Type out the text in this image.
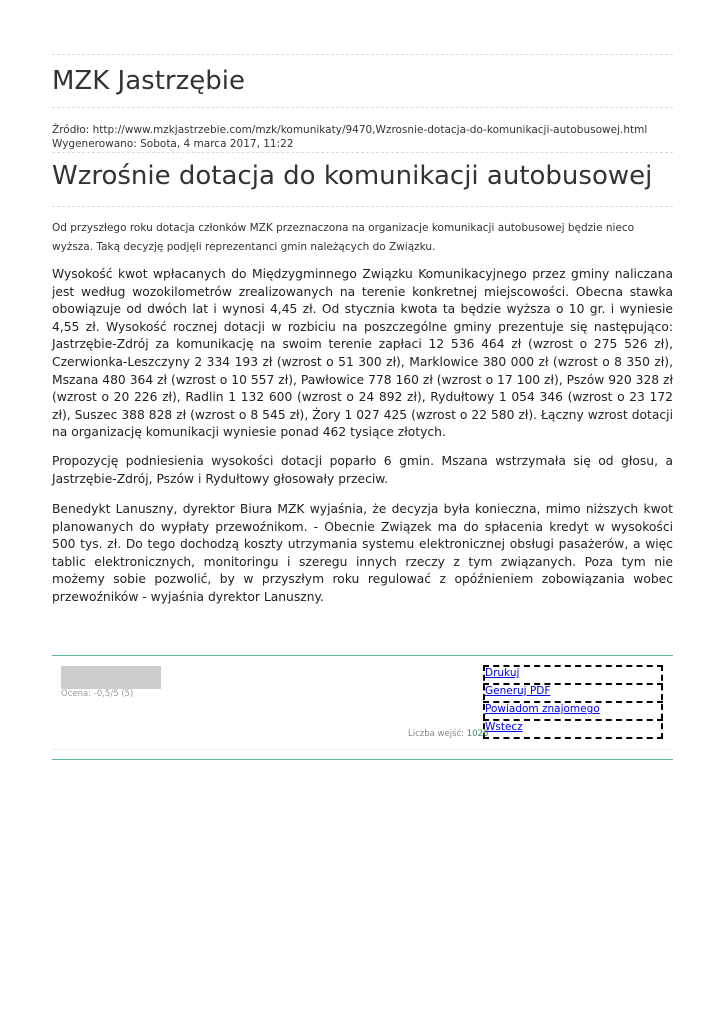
MZK Jastrzębie
Źródło: http://www.mzkjastrzebie.com/mzk/komunikaty/9470,Wzrosnie-dotacja-do-komunikacji-autobusowej.html
Wygenerowano: Sobota, 4 marca 2017, 11:22
Wzrośnie dotacja do komunikacji autobusowej

Od przyszłego roku dotacja członków MZK przeznaczona na organizacje komunikacji autobusowej będzie nieco wyższa. Taką decyzję podjęli reprezentanci gmin należących do Związku.

Wysokość kwot wpłacanych do Międzygminnego Związku Komunikacyjnego przez gminy naliczana jest według wozokilometrów zrealizowanych na terenie konkretnej miejscowości. Obecna stawka obowiązuje od dwóch lat i wynosi 4,45 zł. Od stycznia kwota ta będzie wyższa o 10 gr. i wyniesie 4,55 zł. Wysokość rocznej dotacji w rozbiciu na poszczególne gminy prezentuje się następująco: Jastrzębie-Zdrój za komunikację na swoim terenie zapłaci 12 536 464 zł (wzrost o 275 526 zł), Czerwionka-Leszczyny 2 334 193 zł (wzrost o 51 300 zł), Marklowice 380 000 zł (wzrost o 8 350 zł), Mszana 480 364 zł (wzrost o 10 557 zł), Pawłowice 778 160 zł (wzrost o 17 100 zł), Pszów 920 328 zł (wzrost o 20 226 zł), Radlin 1 132 600 (wzrost o 24 892 zł), Rydułtowy 1 054 346 (wzrost o 23 172 zł), Suszec 388 828 zł (wzrost o 8 545 zł), Żory 1 027 425 (wzrost o 22 580 zł). Łączny wzrost dotacji na organizację komunikacji wyniesie ponad 462 tysiące złotych.

Propozycję podniesienia wysokości dotacji poparło 6 gmin. Mszana wstrzymała się od głosu, a Jastrzębie-Zdrój, Pszów i Rydułtowy głosowały przeciw.

Benedykt Lanuszny, dyrektor Biura MZK wyjaśnia, że decyzja była konieczna, mimo niższych kwot planowanych do wypłaty przewoźnikom. - Obecnie Związek ma do spłacenia kredyt w wysokości 500 tys. zł. Do tego dochodzą koszty utrzymania systemu elektronicznej obsługi pasażerów, a więc tablic elektronicznych, monitoringu i szeregu innych rzeczy z tym związanych. Poza tym nie możemy sobie pozwolić, by w przyszłym roku regulować z opóźnieniem zobowiązania wobec przewoźników - wyjaśnia dyrektor Lanuszny.

Ocena: -0,5/5 (5)
Drukuj
Generuj PDF
Powiadom znajomego
Wstecz
Liczba wejść: 1026
